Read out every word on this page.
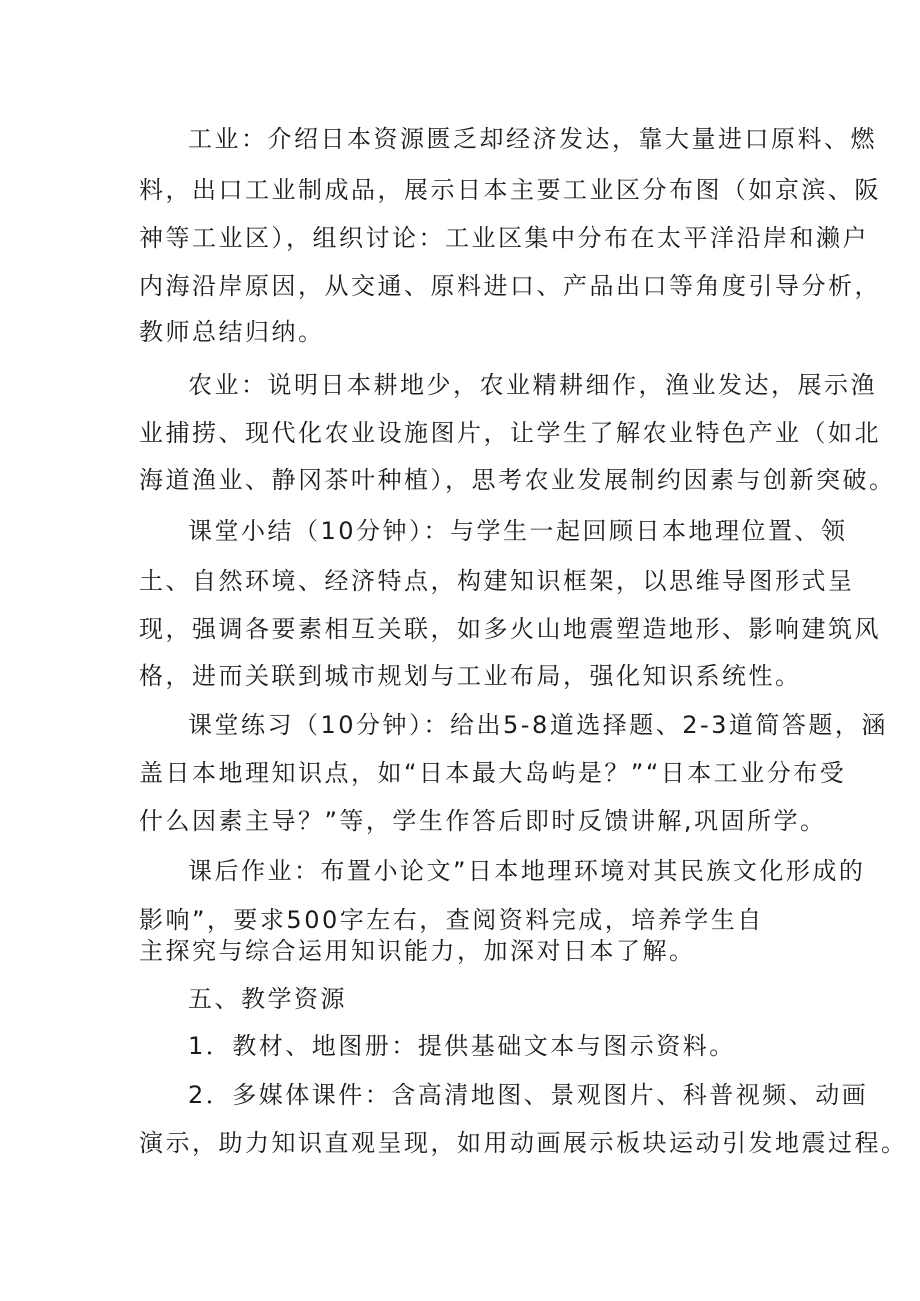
工业：介绍日本资源匮乏却经济发达，靠大量进口原料、燃
料，出口工业制成品，展示日本主要工业区分布图（如京滨、阪
神等工业区），组织讨论：工业区集中分布在太平洋沿岸和濑户
内海沿岸原因，从交通、原料进口、产品出口等角度引导分析，
教师总结归纳。
农业：说明日本耕地少，农业精耕细作，渔业发达，展示渔
业捕捞、现代化农业设施图片，让学生了解农业特色产业（如北
海道渔业、静冈茶叶种植），思考农业发展制约因素与创新突破。
课堂小结（10分钟）：与学生一起回顾日本地理位置、领
土、自然环境、经济特点，构建知识框架，以思维导图形式呈
现，强调各要素相互关联，如多火山地震塑造地形、影响建筑风
格，进而关联到城市规划与工业布局，强化知识系统性。
课堂练习（10分钟）：给出5-8道选择题、2-3道简答题，涵
盖日本地理知识点，如“日本最大岛屿是？”“日本工业分布受
什么因素主导？”等，学生作答后即时反馈讲解,巩固所学。
课后作业：布置小论文”日本地理环境对其民族文化形成的
影响”，要求500字左右，查阅资料完成，培养学生自
主探究与综合运用知识能力，加深对日本了解。
五、教学资源
1．教材、地图册：提供基础文本与图示资料。
2．多媒体课件：含高清地图、景观图片、科普视频、动画
演示，助力知识直观呈现，如用动画展示板块运动引发地震过程。
